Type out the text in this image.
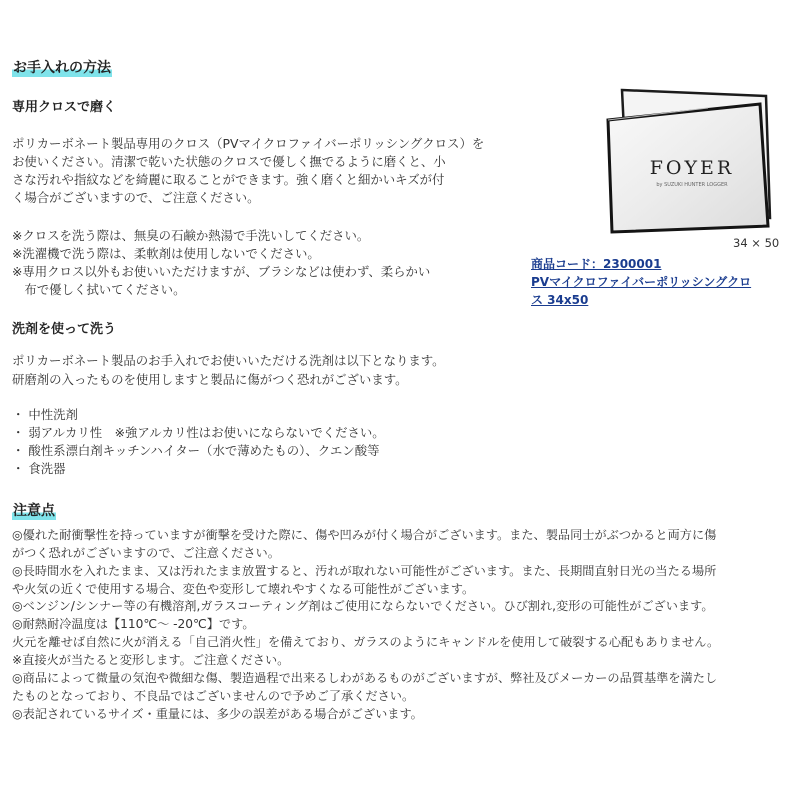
お手入れの方法
専用クロスで磨く
ポリカーボネート製品専用のクロス（PVマイクロファイバーポリッシングクロス）を
お使いください。清潔で乾いた状態のクロスで優しく撫でるように磨くと、小
さな汚れや指紋などを綺麗に取ることができます。強く磨くと細かいキズが付
く場合がございますので、ご注意ください。
※クロスを洗う際は、無臭の石鹸か熱湯で手洗いしてください。
※洗濯機で洗う際は、柔軟剤は使用しないでください。
※専用クロス以外もお使いいただけますが、ブラシなどは使わず、柔らかい
　布で優しく拭いてください。
洗剤を使って洗う
ポリカーボネート製品のお手入れでお使いいただける洗剤は以下となります。
研磨剤の入ったものを使用しますと製品に傷がつく恐れがございます。
・ 中性洗剤
・ 弱アルカリ性　※強アルカリ性はお使いにならないでください。
・ 酸性系漂白剤キッチンハイター（水で薄めたもの）、クエン酸等
・ 食洗器
FOYER
by SUZUKI HUNTER LOGGER
34 × 50
商品コード：2300001
PVマイクロファイバーポリッシングクロ
ス 34x50
注意点
◎優れた耐衝撃性を持っていますが衝撃を受けた際に、傷や凹みが付く場合がございます。また、製品同士がぶつかると両方に傷
がつく恐れがございますので、ご注意ください。
◎長時間水を入れたまま、又は汚れたまま放置すると、汚れが取れない可能性がございます。また、長期間直射日光の当たる場所
や火気の近くで使用する場合、変色や変形して壊れやすくなる可能性がございます。
◎ベンジン/シンナー等の有機溶剤,ガラスコーティング剤はご使用にならないでください。ひび割れ,変形の可能性がございます。
◎耐熱耐冷温度は【110℃～ -20℃】です。
火元を離せば自然に火が消える「自己消火性」を備えており、ガラスのようにキャンドルを使用して破裂する心配もありません。
※直接火が当たると変形します。ご注意ください。
◎商品によって微量の気泡や微細な傷、製造過程で出来るしわがあるものがございますが、弊社及びメーカーの品質基準を満たし
たものとなっており、不良品ではございませんので予めご了承ください。
◎表記されているサイズ・重量には、多少の誤差がある場合がございます。
